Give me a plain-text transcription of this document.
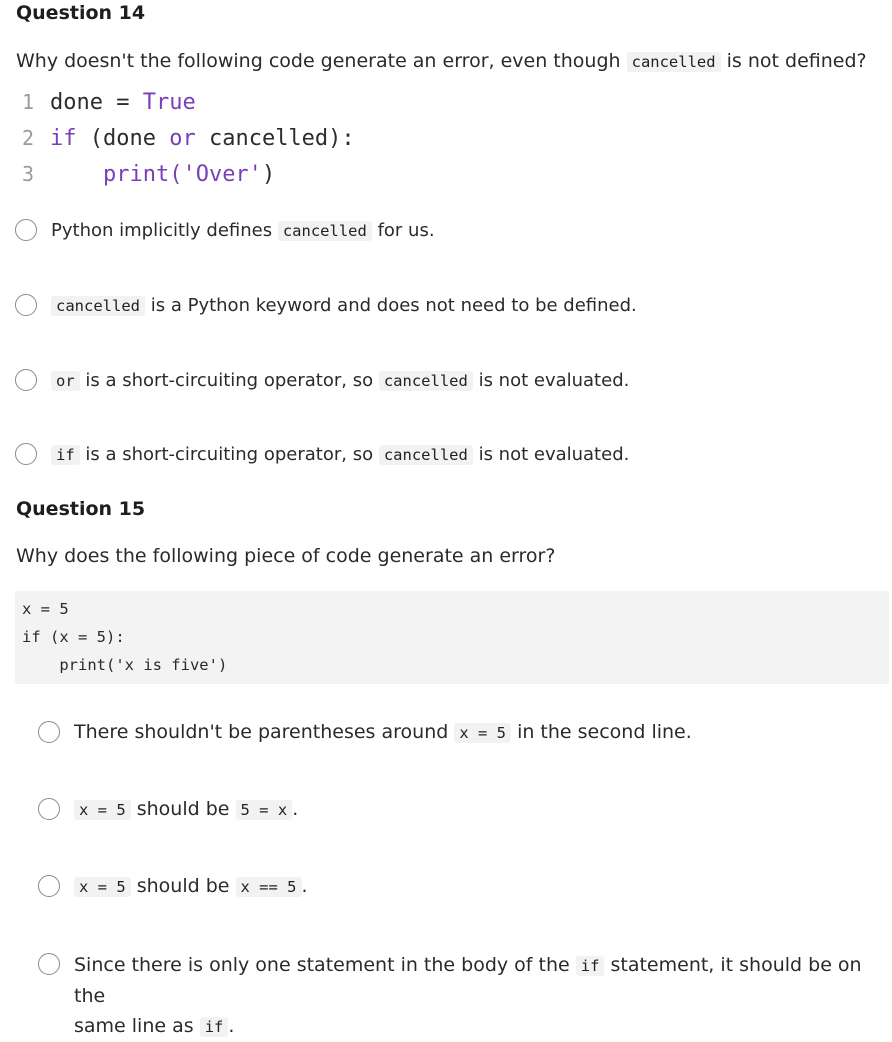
Question 14
Why doesn't the following code generate an error, even though cancelled is not defined?
1 done = True
2 if (done or cancelled):
3    print('Over')
Python implicitly defines cancelled for us.
cancelled is a Python keyword and does not need to be defined.
or is a short-circuiting operator, so cancelled is not evaluated.
if is a short-circuiting operator, so cancelled is not evaluated.
Question 15
Why does the following piece of code generate an error?
x = 5
if (x = 5):
print('x is five')
There shouldn't be parentheses around x = 5 in the second line.
x = 5 should be 5 = x .
x = 5 should be x == 5 .
Since there is only one statement in the body of the if statement, it should be on the
same line as if .
